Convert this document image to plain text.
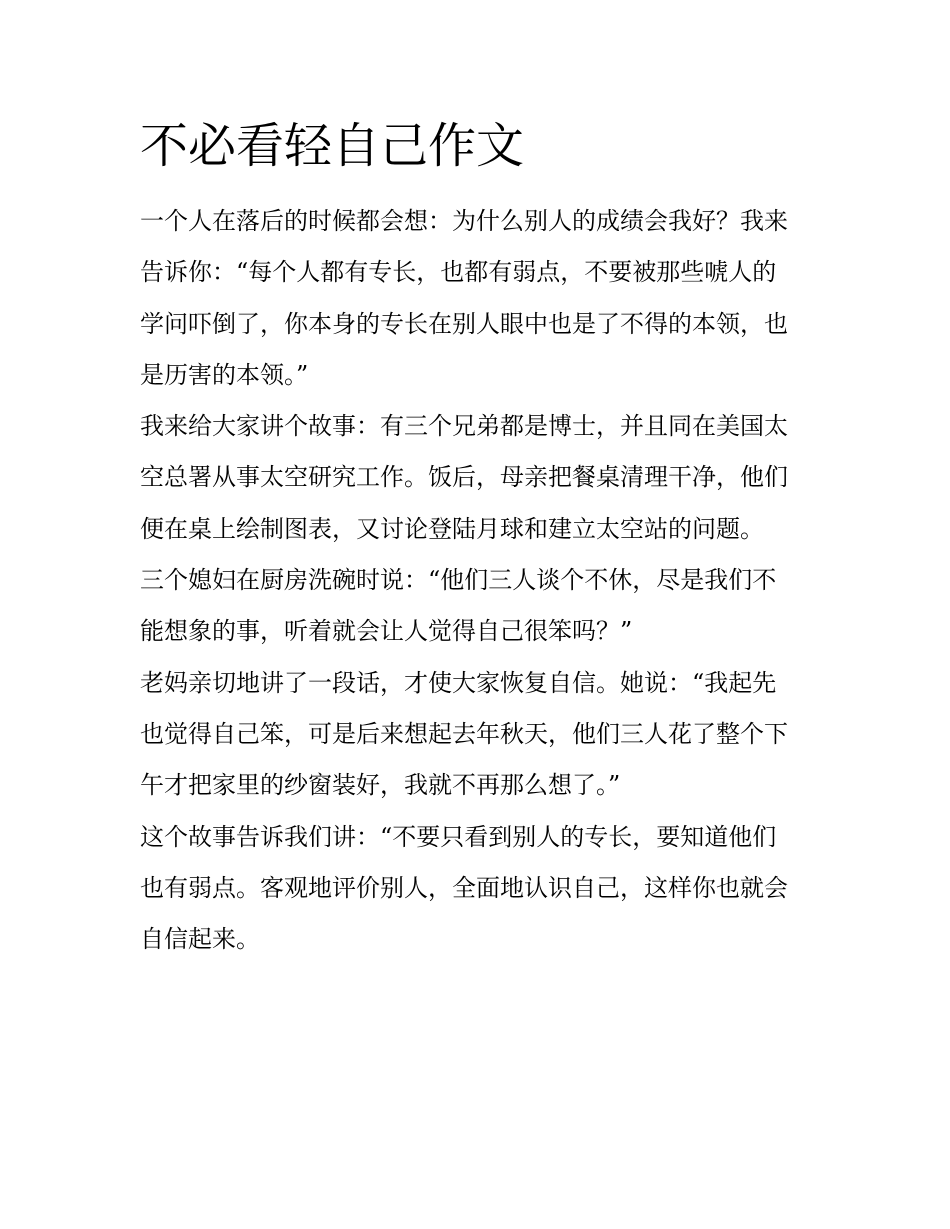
不必看轻自己作文
一个人在落后的时候都会想：为什么别人的成绩会我好？我来
告诉你：“每个人都有专长，也都有弱点，不要被那些唬人的
学问吓倒了，你本身的专长在别人眼中也是了不得的本领，也
是历害的本领。”
我来给大家讲个故事：有三个兄弟都是博士，并且同在美国太
空总署从事太空研究工作。饭后，母亲把餐桌清理干净，他们
便在桌上绘制图表，又讨论登陆月球和建立太空站的问题。
三个媳妇在厨房洗碗时说：“他们三人谈个不休，尽是我们不
能想象的事，听着就会让人觉得自己很笨吗？”
老妈亲切地讲了一段话，才使大家恢复自信。她说：“我起先
也觉得自己笨，可是后来想起去年秋天，他们三人花了整个下
午才把家里的纱窗装好，我就不再那么想了。”
这个故事告诉我们讲：“不要只看到别人的专长，要知道他们
也有弱点。客观地评价别人，全面地认识自己，这样你也就会
自信起来。
